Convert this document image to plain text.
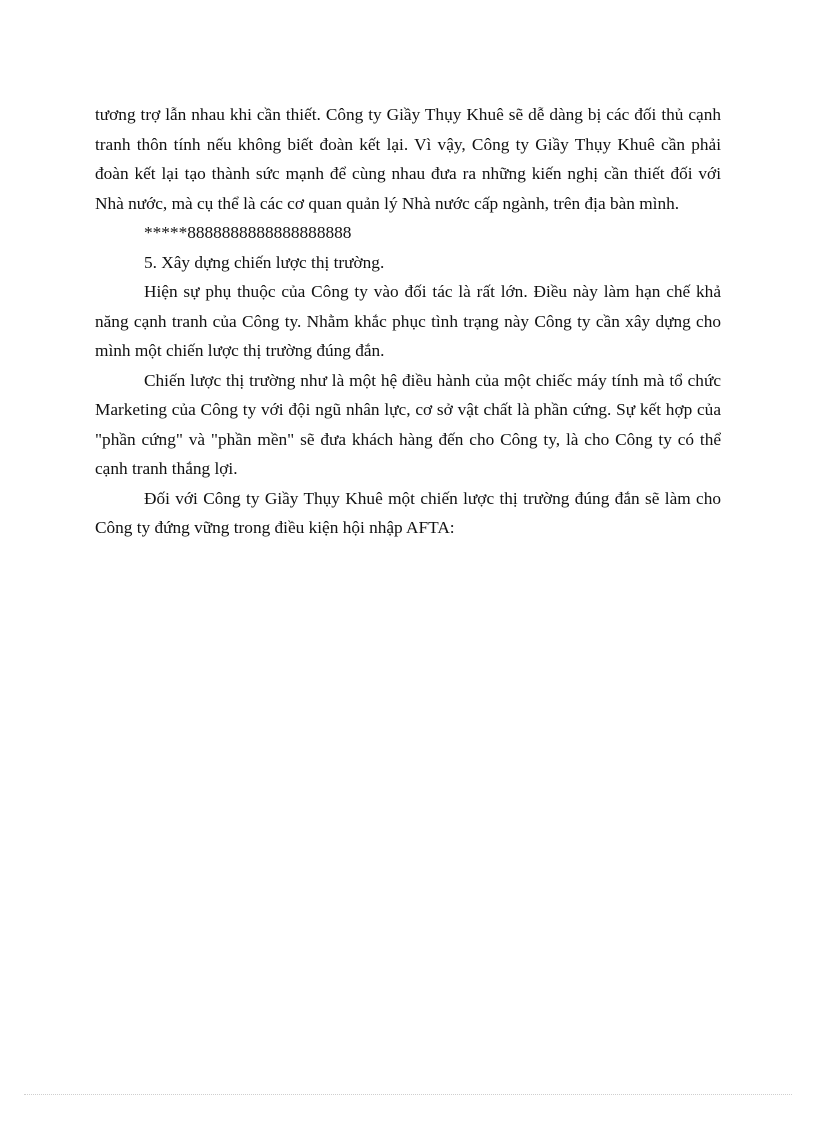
tương trợ lẫn nhau khi cần thiết. Công ty Giầy Thụy Khuê sẽ dễ dàng bị các đối thủ cạnh tranh thôn tính nếu không biết đoàn kết lại. Vì vậy, Công ty Giầy Thụy Khuê cần phải đoàn kết lại tạo thành sức mạnh để cùng nhau đưa ra những kiến nghị cần thiết đối với Nhà nước, mà cụ thể là các cơ quan quản lý Nhà nước cấp ngành, trên địa bàn mình.

*****8888888888888888888

5. Xây dựng chiến lược thị trường.

Hiện sự phụ thuộc của Công ty vào đối tác là rất lớn. Điều này làm hạn chế khả năng cạnh tranh của Công ty. Nhằm khắc phục tình trạng này Công ty cần xây dựng cho mình một chiến lược thị trường đúng đắn.

Chiến lược thị trường như là một hệ điều hành của một chiếc máy tính mà tổ chức Marketing của Công ty với đội ngũ nhân lực, cơ sở vật chất là phần cứng. Sự kết hợp của "phần cứng" và "phần mền" sẽ đưa khách hàng đến cho Công ty, là cho Công ty có thể cạnh tranh thắng lợi.

Đối với Công ty Giầy Thụy Khuê một chiến lược thị trường đúng đắn sẽ làm cho Công ty đứng vững trong điều kiện hội nhập AFTA:
